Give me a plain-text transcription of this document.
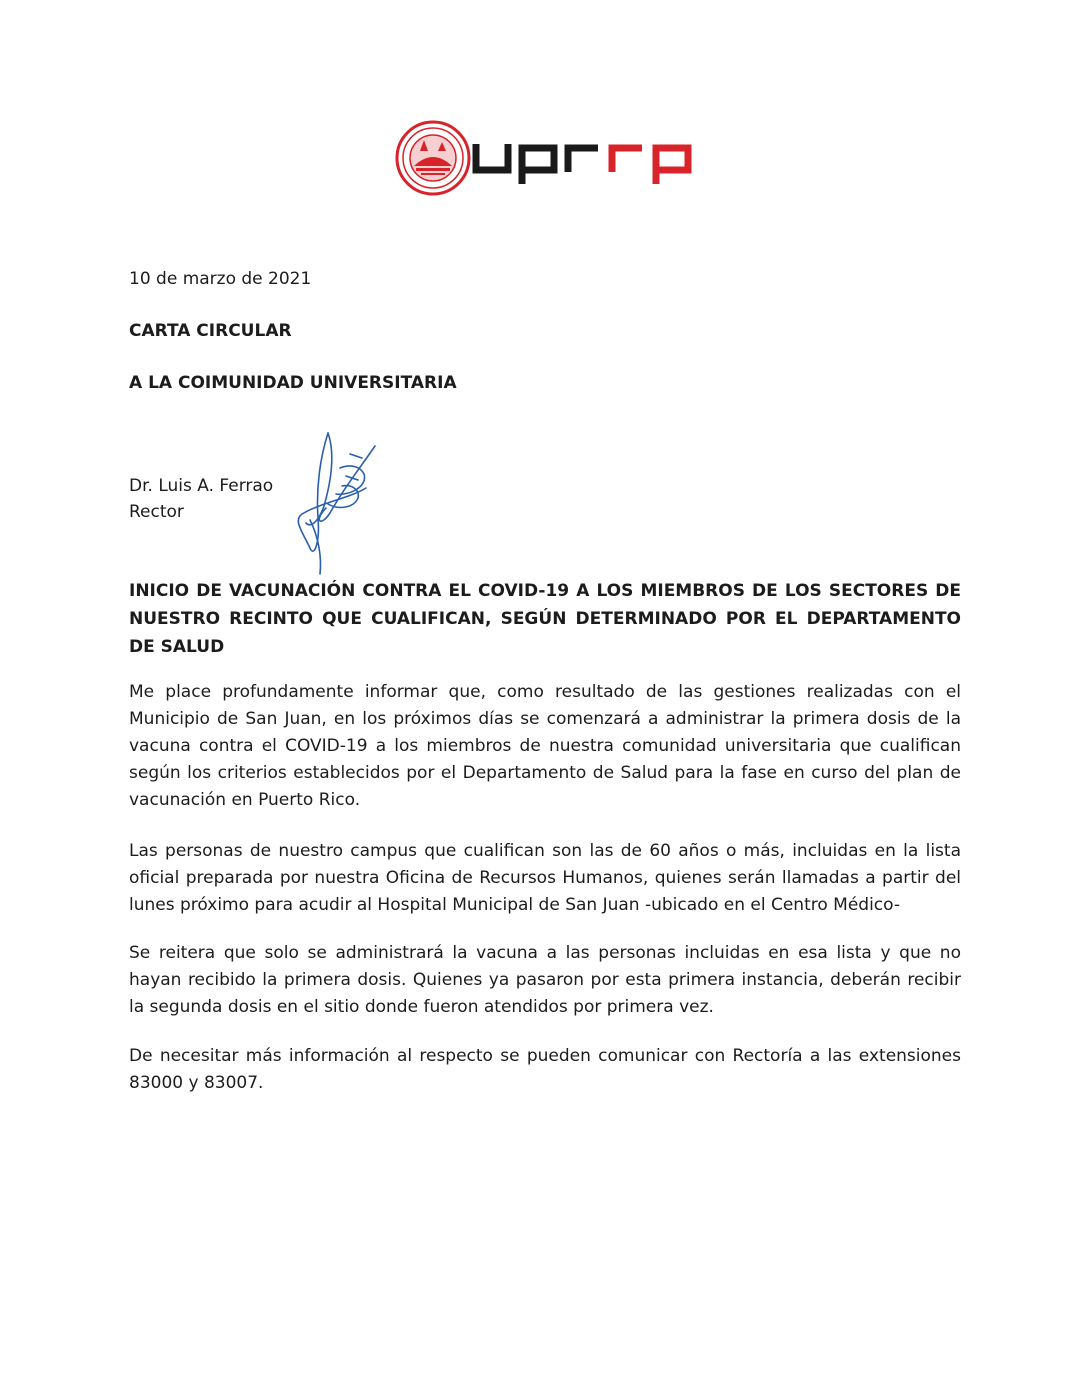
10 de marzo de 2021

CARTA CIRCULAR

A LA COIMUNIDAD UNIVERSITARIA

Dr. Luis A. Ferrao
Rector

INICIO DE VACUNACIÓN CONTRA EL COVID-19 A LOS MIEMBROS DE LOS SECTORES DE NUESTRO RECINTO QUE CUALIFICAN, SEGÚN DETERMINADO POR EL DEPARTAMENTO DE SALUD

Me place profundamente informar que, como resultado de las gestiones realizadas con el Municipio de San Juan, en los próximos días se comenzará a administrar la primera dosis de la vacuna contra el COVID-19 a los miembros de nuestra comunidad universitaria que cualifican según los criterios establecidos por el Departamento de Salud para la fase en curso del plan de vacunación en Puerto Rico.

Las personas de nuestro campus que cualifican son las de 60 años o más, incluidas en la lista oficial preparada por nuestra Oficina de Recursos Humanos, quienes serán llamadas a partir del lunes próximo para acudir al Hospital Municipal de San Juan -ubicado en el Centro Médico-

Se reitera que solo se administrará la vacuna a las personas incluidas en esa lista y que no hayan recibido la primera dosis. Quienes ya pasaron por esta primera instancia, deberán recibir la segunda dosis en el sitio donde fueron atendidos por primera vez.

De necesitar más información al respecto se pueden comunicar con Rectoría a las extensiones 83000 y 83007.
